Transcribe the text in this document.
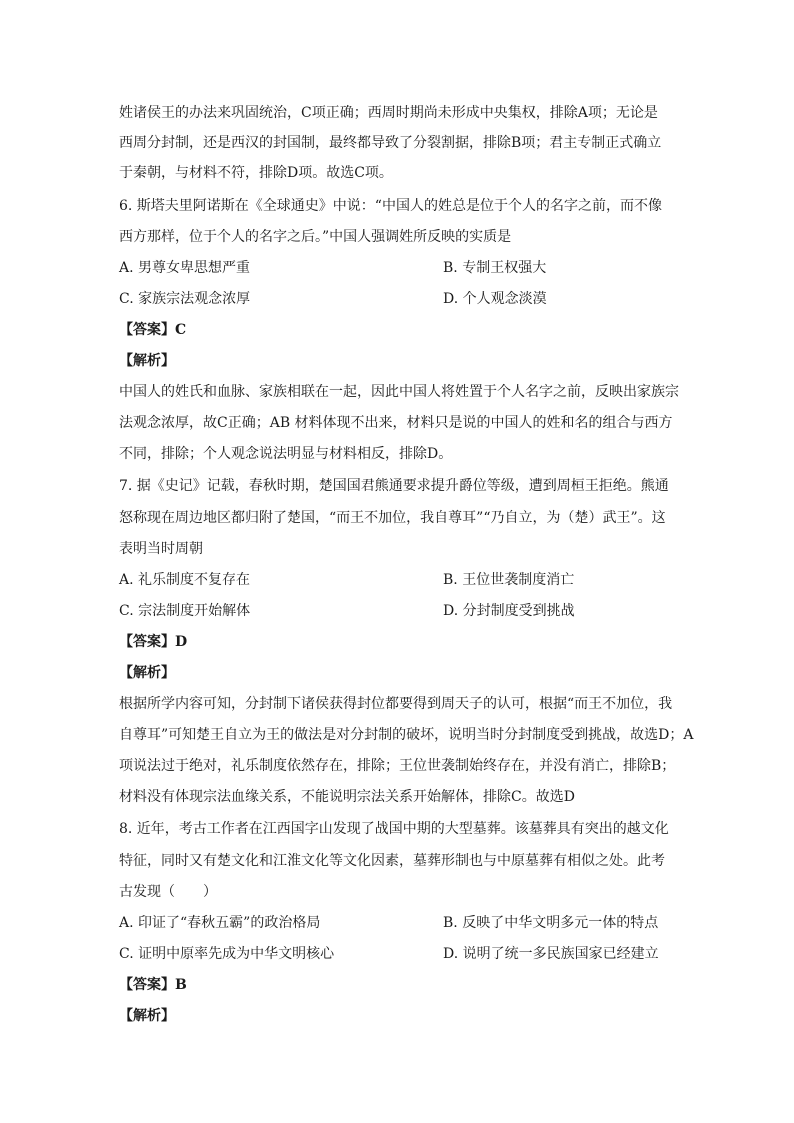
姓诸侯王的办法来巩固统治，C项正确；西周时期尚未形成中央集权，排除A项；无论是
西周分封制，还是西汉的封国制，最终都导致了分裂割据，排除B项；君主专制正式确立
于秦朝，与材料不符，排除D项。故选C项。
6. 斯塔夫里阿诺斯在《全球通史》中说：“中国人的姓总是位于个人的名字之前，而不像
西方那样，位于个人的名字之后。”中国人强调姓所反映的实质是
A. 男尊女卑思想严重	B. 专制王权强大
C. 家族宗法观念浓厚	D. 个人观念淡漠
【答案】C
【解析】
中国人的姓氏和血脉、家族相联在一起，因此中国人将姓置于个人名字之前，反映出家族宗
法观念浓厚，故C正确；AB 材料体现不出来，材料只是说的中国人的姓和名的组合与西方
不同，排除；个人观念说法明显与材料相反，排除D。
7. 据《史记》记载，春秋时期，楚国国君熊通要求提升爵位等级，遭到周桓王拒绝。熊通
怒称现在周边地区都归附了楚国，“而王不加位，我自尊耳”“乃自立，为（楚）武王”。这
表明当时周朝
A. 礼乐制度不复存在	B. 王位世袭制度消亡
C. 宗法制度开始解体	D. 分封制度受到挑战
【答案】D
【解析】
根据所学内容可知，分封制下诸侯获得封位都要得到周天子的认可，根据“而王不加位，我
自尊耳”可知楚王自立为王的做法是对分封制的破坏，说明当时分封制度受到挑战，故选D；A
项说法过于绝对，礼乐制度依然存在，排除；王位世袭制始终存在，并没有消亡，排除B；
材料没有体现宗法血缘关系，不能说明宗法关系开始解体，排除C。故选D
8. 近年，考古工作者在江西国字山发现了战国中期的大型墓葬。该墓葬具有突出的越文化
特征，同时又有楚文化和江淮文化等文化因素，墓葬形制也与中原墓葬有相似之处。此考
古发现（　　）
A. 印证了“春秋五霸”的政治格局	B. 反映了中华文明多元一体的特点
C. 证明中原率先成为中华文明核心	D. 说明了统一多民族国家已经建立
【答案】B
【解析】
